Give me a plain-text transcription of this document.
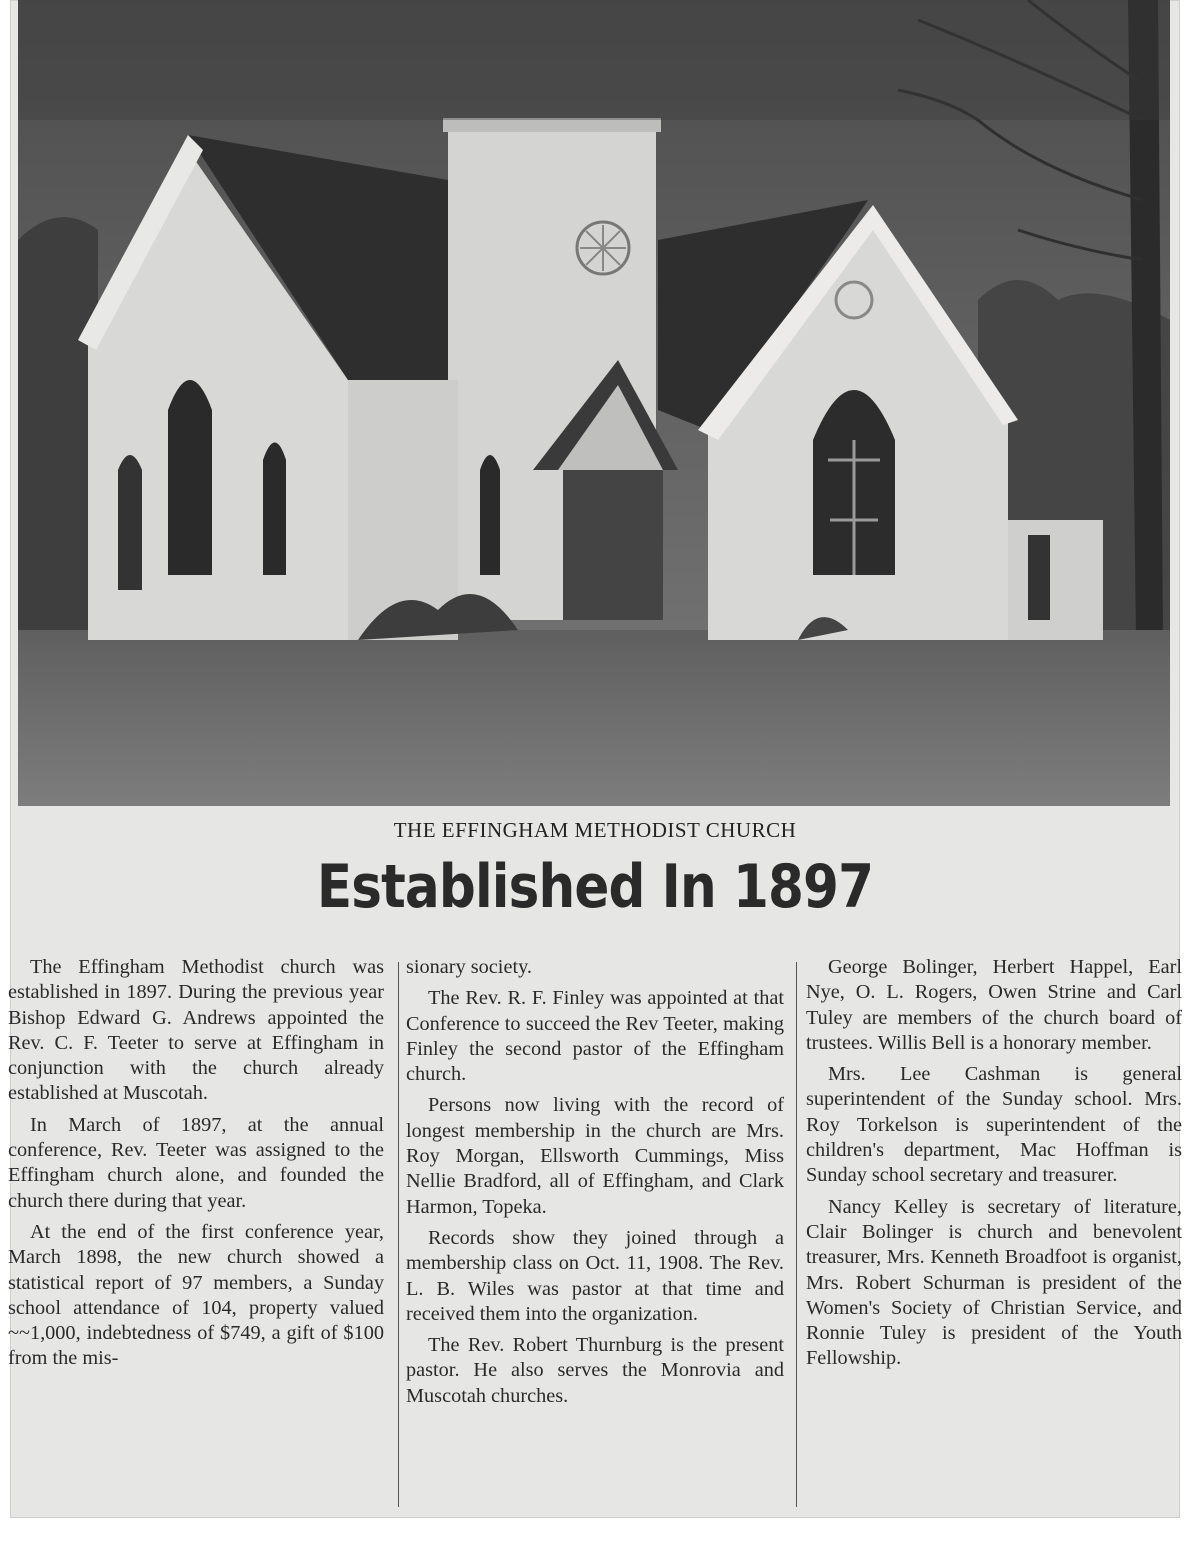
THE EFFINGHAM METHODIST CHURCH
Established In 1897

The Effingham Methodist church was established in 1897. During the previous year Bishop Edward G. Andrews appointed the Rev. C. F. Teeter to serve at Effingham in conjunction with the church already established at Muscotah.

In March of 1897, at the annual conference, Rev. Teeter was assigned to the Effingham church alone, and founded the church there during that year.

At the end of the first conference year, March 1898, the new church showed a statistical report of 97 members, a Sunday school attendance of 104, property valued ~~1,000, indebtedness of $749, a gift of $100 from the mis-

sionary society.

The Rev. R. F. Finley was appointed at that Conference to succeed the Rev Teeter, making Finley the second pastor of the Effingham church.

Persons now living with the record of longest membership in the church are Mrs. Roy Morgan, Ellsworth Cummings, Miss Nellie Bradford, all of Effingham, and Clark Harmon, Topeka.

Records show they joined through a membership class on Oct. 11, 1908. The Rev. L. B. Wiles was pastor at that time and received them into the organization.

The Rev. Robert Thurnburg is the present pastor. He also serves the Monrovia and Muscotah churches.

George Bolinger, Herbert Happel, Earl Nye, O. L. Rogers, Owen Strine and Carl Tuley are members of the church board of trustees. Willis Bell is a honorary member.

Mrs. Lee Cashman is general superintendent of the Sunday school. Mrs. Roy Torkelson is superintendent of the children's department, Mac Hoffman is Sunday school secretary and treasurer.

Nancy Kelley is secretary of literature, Clair Bolinger is church and benevolent treasurer, Mrs. Kenneth Broadfoot is organist, Mrs. Robert Schurman is president of the Women's Society of Christian Service, and Ronnie Tuley is president of the Youth Fellowship.
